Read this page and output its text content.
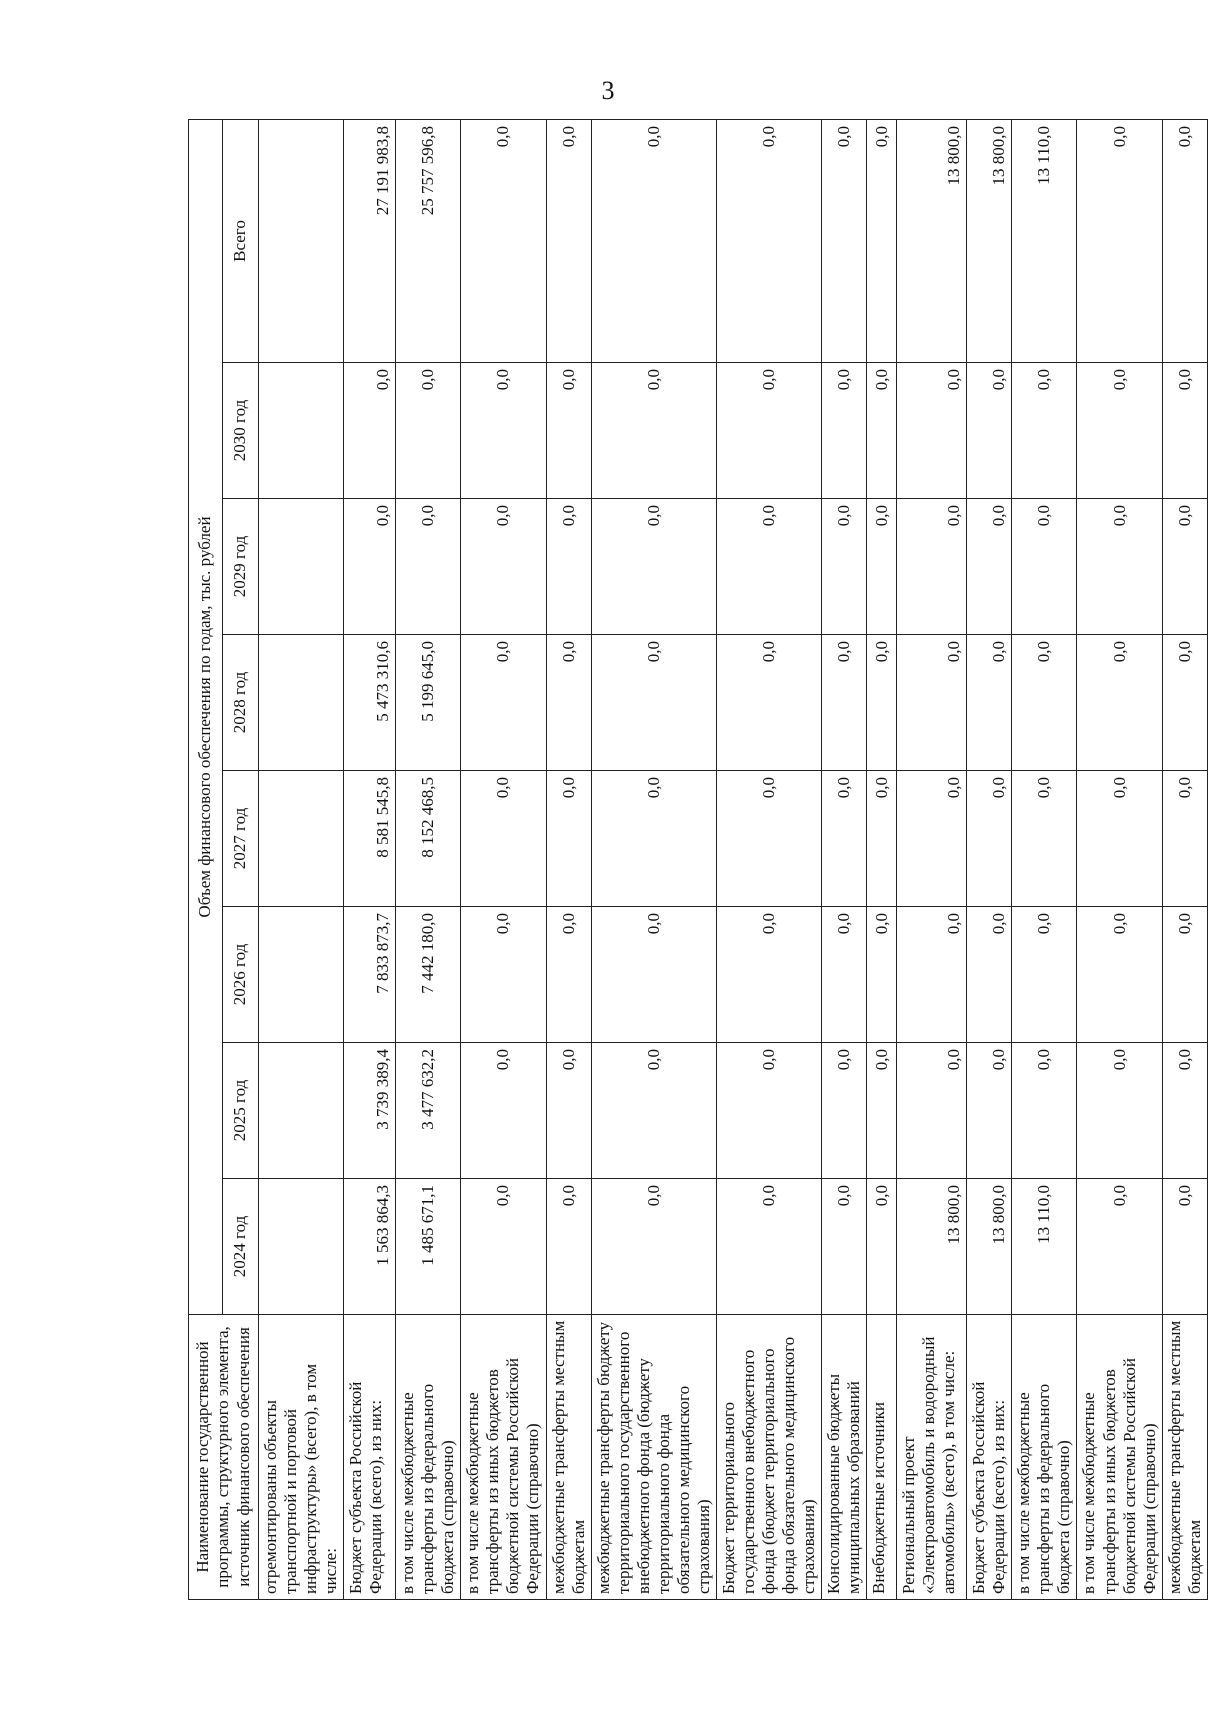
3
Наименование государственной программы, структурного элемента, источник финансового обеспечения	Объем финансового обеспечения по годам, тыс. рублей							
	2024 год	2025 год	2026 год	2027 год	2028 год	2029 год	2030 год	Всего
отремонтированы объекты транспортной и портовой инфраструктуры» (всего), в том числе:								
Бюджет субъекта Российской Федерации (всего), из них:	1 563 864,3	3 739 389,4	7 833 873,7	8 581 545,8	5 473 310,6	0,0	0,0	27 191 983,8
в том числе межбюджетные трансферты из федерального бюджета (справочно)	1 485 671,1	3 477 632,2	7 442 180,0	8 152 468,5	5 199 645,0	0,0	0,0	25 757 596,8
в том числе межбюджетные трансферты из иных бюджетов бюджетной системы Российской Федерации (справочно)	0,0	0,0	0,0	0,0	0,0	0,0	0,0	0,0
межбюджетные трансферты местным бюджетам	0,0	0,0	0,0	0,0	0,0	0,0	0,0	0,0
межбюджетные трансферты бюджету территориального государственного внебюджетного фонда (бюджету территориального фонда обязательного медицинского страхования)	0,0	0,0	0,0	0,0	0,0	0,0	0,0	0,0
Бюджет территориального государственного внебюджетного фонда (бюджет территориального фонда обязательного медицинского страхования)	0,0	0,0	0,0	0,0	0,0	0,0	0,0	0,0
Консолидированные бюджеты муниципальных образований	0,0	0,0	0,0	0,0	0,0	0,0	0,0	0,0
Внебюджетные источники	0,0	0,0	0,0	0,0	0,0	0,0	0,0	0,0
Региональный проект «Электроавтомобиль и водородный автомобиль» (всего), в том числе:	13 800,0	0,0	0,0	0,0	0,0	0,0	0,0	13 800,0
Бюджет субъекта Российской Федерации (всего), из них:	13 800,0	0,0	0,0	0,0	0,0	0,0	0,0	13 800,0
в том числе межбюджетные трансферты из федерального бюджета (справочно)	13 110,0	0,0	0,0	0,0	0,0	0,0	0,0	13 110,0
в том числе межбюджетные трансферты из иных бюджетов бюджетной системы Российской Федерации (справочно)	0,0	0,0	0,0	0,0	0,0	0,0	0,0	0,0
межбюджетные трансферты местным бюджетам	0,0	0,0	0,0	0,0	0,0	0,0	0,0	0,0
